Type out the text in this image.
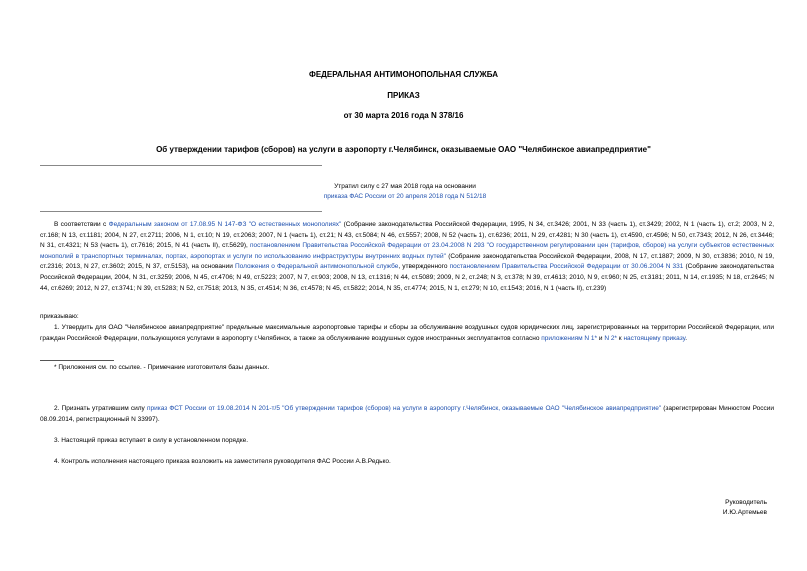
ФЕДЕРАЛЬНАЯ АНТИМОНОПОЛЬНАЯ СЛУЖБА
ПРИКАЗ
от 30 марта 2016 года N 378/16
Об утверждении тарифов (сборов) на услуги в аэропорту г.Челябинск, оказываемые ОАО "Челябинское авиапредприятие"
Утратил силу с 27 мая 2018 года на основании
приказа ФАС России от 20 апреля 2018 года N 512/18
В соответствии с Федеральным законом от 17.08.95 N 147-ФЗ "О естественных монополиях" (Собрание законодательства Российской Федерации, 1995, N 34, ст.3426; 2001, N 33 (часть 1), ст.3429; 2002, N 1 (часть 1), ст.2; 2003, N 2, ст.168; N 13, ст.1181; 2004, N 27, ст.2711; 2006, N 1, ст.10; N 19, ст.2063; 2007, N 1 (часть 1), ст.21; N 43, ст.5084; N 46, ст.5557; 2008, N 52 (часть 1), ст.6236; 2011, N 29, ст.4281; N 30 (часть 1), ст.4590, ст.4596; N 50, ст.7343; 2012, N 26, ст.3446; N 31, ст.4321; N 53 (часть 1), ст.7616; 2015, N 41 (часть II), ст.5629), постановлением Правительства Российской Федерации от 23.04.2008 N 293 "О государственном регулировании цен (тарифов, сборов) на услуги субъектов естественных монополий в транспортных терминалах, портах, аэропортах и услуги по использованию инфраструктуры внутренних водных путей" (Собрание законодательства Российской Федерации, 2008, N 17, ст.1887; 2009, N 30, ст.3836; 2010, N 19, ст.2316; 2013, N 27, ст.3602; 2015, N 37, ст.5153), на основании Положения о Федеральной антимонопольной службе, утвержденного постановлением Правительства Российской Федерации от 30.06.2004 N 331 (Собрание законодательства Российской Федерации, 2004, N 31, ст.3259; 2006, N 45, ст.4706; N 49, ст.5223; 2007, N 7, ст.903; 2008, N 13, ст.1316; N 44, ст.5089; 2009, N 2, ст.248; N 3, ст.378; N 39, ст.4613; 2010, N 9, ст.960; N 25, ст.3181; 2011, N 14, ст.1935; N 18, ст.2645; N 44, ст.6269; 2012, N 27, ст.3741; N 39, ст.5283; N 52, ст.7518; 2013, N 35, ст.4514; N 36, ст.4578; N 45, ст.5822; 2014, N 35, ст.4774; 2015, N 1, ст.279; N 10, ст.1543; 2016, N 1 (часть II), ст.239)
приказываю:
1. Утвердить для ОАО "Челябинское авиапредприятие" предельные максимальные аэропортовые тарифы и сборы за обслуживание воздушных судов юридических лиц, зарегистрированных на территории Российской Федерации, или граждан Российской Федерации, пользующихся услугами в аэропорту г.Челябинск, а также за обслуживание воздушных судов иностранных эксплуатантов согласно приложениям N 1* и N 2* к настоящему приказу.
* Приложения см. по ссылке. - Примечание изготовителя базы данных.
2. Признать утратившим силу приказ ФСТ России от 19.08.2014 N 201-т/5 "Об утверждении тарифов (сборов) на услуги в аэропорту г.Челябинск, оказываемые ОАО "Челябинское авиапредприятие" (зарегистрирован Минюстом России 08.09.2014, регистрационный N 33997).
3. Настоящий приказ вступает в силу в установленном порядке.
4. Контроль исполнения настоящего приказа возложить на заместителя руководителя ФАС России А.В.Редько.
Руководитель
И.Ю.Артемьев
